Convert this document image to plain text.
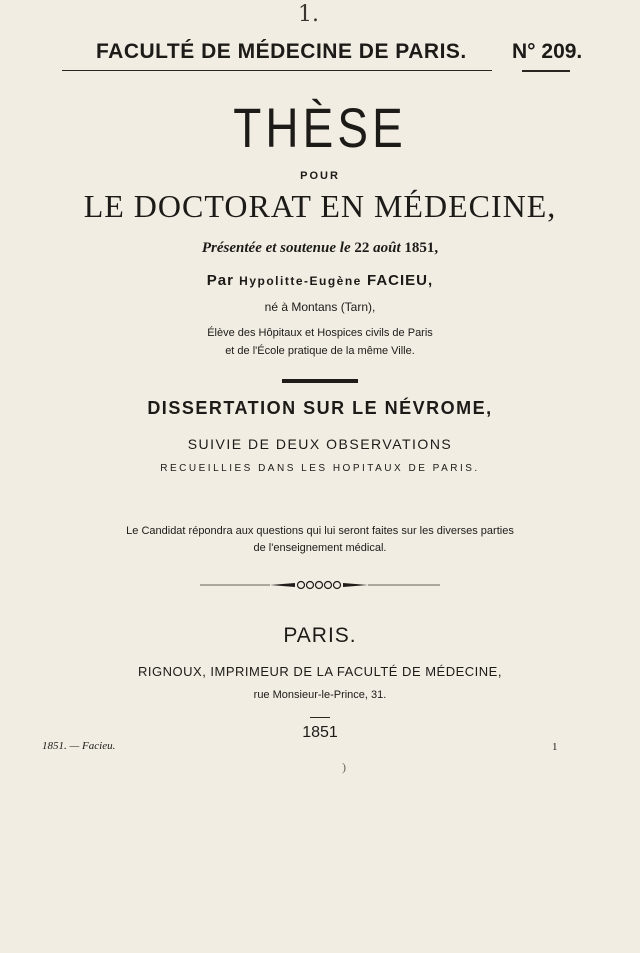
1.
FACULTÉ DE MÉDECINE DE PARIS. N° 209.
THÈSE
POUR
LE DOCTORAT EN MÉDECINE,
Présentée et soutenue le 22 août 1851,
Par Hypolitte-Eugène FACIEU,
né à Montans (Tarn),
Élève des Hôpitaux et Hospices civils de Paris
et de l'École pratique de la même Ville.
DISSERTATION SUR LE NÉVROME,
SUIVIE DE DEUX OBSERVATIONS
RECUEILLIES DANS LES HOPITAUX DE PARIS.
Le Candidat répondra aux questions qui lui seront faites sur les diverses parties
de l'enseignement médical.
PARIS.
RIGNOUX, IMPRIMEUR DE LA FACULTÉ DE MÉDECINE,
rue Monsieur-le-Prince, 31.
1851
1851. — Facieu.	1
)
